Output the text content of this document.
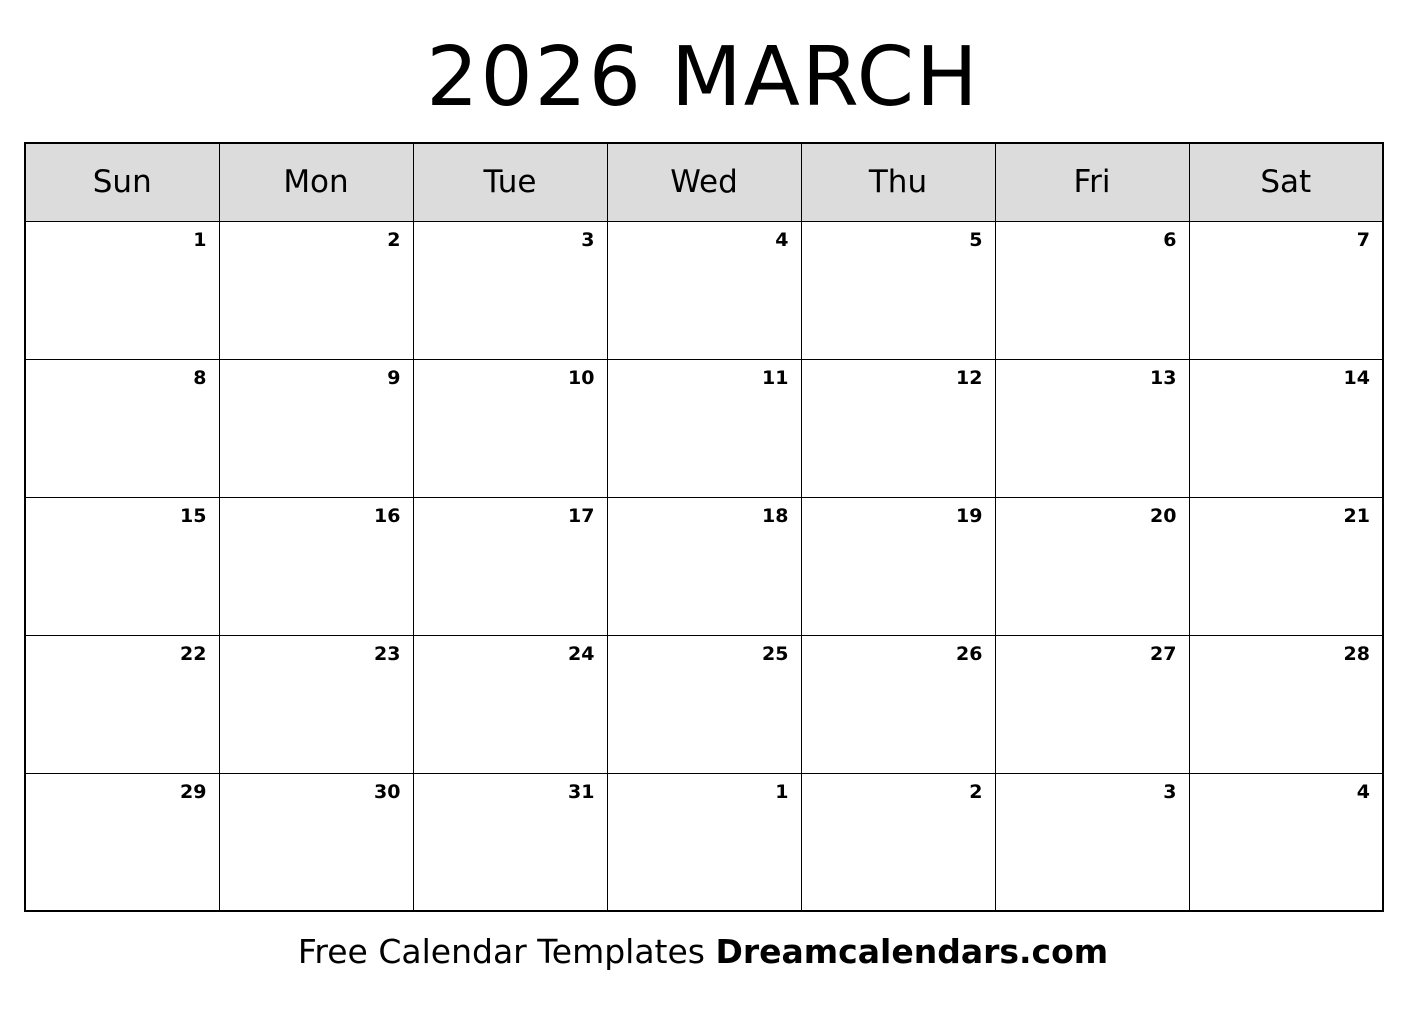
2026 MARCH
Sun	Mon	Tue	Wed	Thu	Fri	Sat
1	2	3	4	5	6	7
8	9	10	11	12	13	14
15	16	17	18	19	20	21
22	23	24	25	26	27	28
29	30	31	1	2	3	4
Free Calendar Templates Dreamcalendars.com
